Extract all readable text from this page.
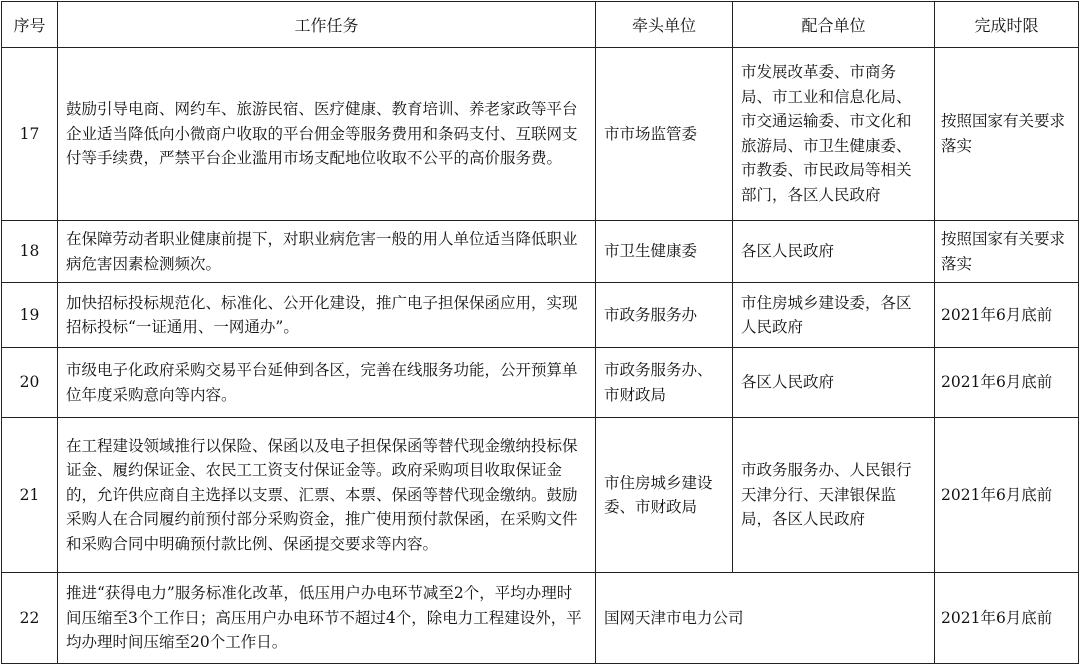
序号	工作任务	牵头单位	配合单位	完成时限
17	鼓励引导电商、网约车、旅游民宿、医疗健康、教育培训、养老家政等平台企业适当降低向小微商户收取的平台佣金等服务费用和条码支付、互联网支付等手续费，严禁平台企业滥用市场支配地位收取不公平的高价服务费。	市市场监管委	市发展改革委、市商务局、市工业和信息化局、市交通运输委、市文化和旅游局、市卫生健康委、市教委、市民政局等相关部门，各区人民政府	按照国家有关要求落实
18	在保障劳动者职业健康前提下，对职业病危害一般的用人单位适当降低职业病危害因素检测频次。	市卫生健康委	各区人民政府	按照国家有关要求落实
19	加快招标投标规范化、标准化、公开化建设，推广电子担保保函应用，实现招标投标“一证通用、一网通办”。	市政务服务办	市住房城乡建设委，各区人民政府	2021年6月底前
20	市级电子化政府采购交易平台延伸到各区，完善在线服务功能，公开预算单位年度采购意向等内容。	市政务服务办、市财政局	各区人民政府	2021年6月底前
21	在工程建设领域推行以保险、保函以及电子担保保函等替代现金缴纳投标保证金、履约保证金、农民工工资支付保证金等。政府采购项目收取保证金的，允许供应商自主选择以支票、汇票、本票、保函等替代现金缴纳。鼓励采购人在合同履约前预付部分采购资金，推广使用预付款保函，在采购文件和采购合同中明确预付款比例、保函提交要求等内容。	市住房城乡建设委、市财政局	市政务服务办、人民银行天津分行、天津银保监局，各区人民政府	2021年6月底前
22	推进“获得电力”服务标准化改革，低压用户办电环节减至2个，平均办理时间压缩至3个工作日；高压用户办电环节不超过4个，除电力工程建设外，平均办理时间压缩至20个工作日。	国网天津市电力公司		2021年6月底前
